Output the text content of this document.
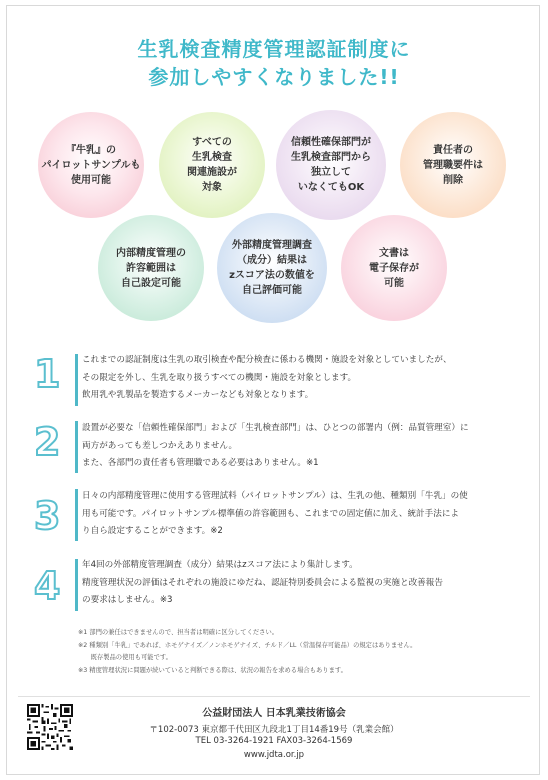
生乳検査精度管理認証制度に
参加しやすくなりました!!
『牛乳』の
パイロットサンプルも
使用可能
すべての
生乳検査
関連施設が
対象
信頼性確保部門が
生乳検査部門から
独立して
いなくてもOK
責任者の
管理職要件は
削除
内部精度管理の
許容範囲は
自己設定可能
外部精度管理調査
（成分）結果は
zスコア法の数値を
自己評価可能
文書は
電子保存が
可能
1	これまでの認証制度は生乳の取引検査や配分検査に係わる機関・施設を対象としていましたが、
その限定を外し、生乳を取り扱うすべての機関・施設を対象とします。
飲用乳や乳製品を製造するメーカーなども対象となります。
2	設置が必要な「信頼性確保部門」および「生乳検査部門」は、ひとつの部署内（例：品質管理室）に
両方があっても差しつかえありません。
また、各部門の責任者も管理職である必要はありません。※1
3	日々の内部精度管理に使用する管理試料（パイロットサンプル）は、生乳の他、種類別「牛乳」の使
用も可能です。パイロットサンプル標準値の許容範囲も、これまでの固定値に加え、統計手法によ
り自ら設定することができます。※2
4	年4回の外部精度管理調査（成分）結果はzスコア法により集計します。
精度管理状況の評価はそれぞれの施設にゆだね、認証特別委員会による監視の実施と改善報告
の要求はしません。※3
※1 部門の兼任はできませんので、担当者は明確に区分してください。
※2 種類別「牛乳」であれば、ホモゲナイズ／ノンホモゲナイズ、チルド／LL（常温保存可能品）の規定はありません。
　　既存製品の使用も可能です。
※3 精度管理状況に問題が続いていると判断できる際は、状況の報告を求める場合もあります。
公益財団法人 日本乳業技術協会
〒102-0073 東京都千代田区九段北1丁目14番19号（乳業会館）
TEL 03-3264-1921 FAX03-3264-1569
www.jdta.or.jp
